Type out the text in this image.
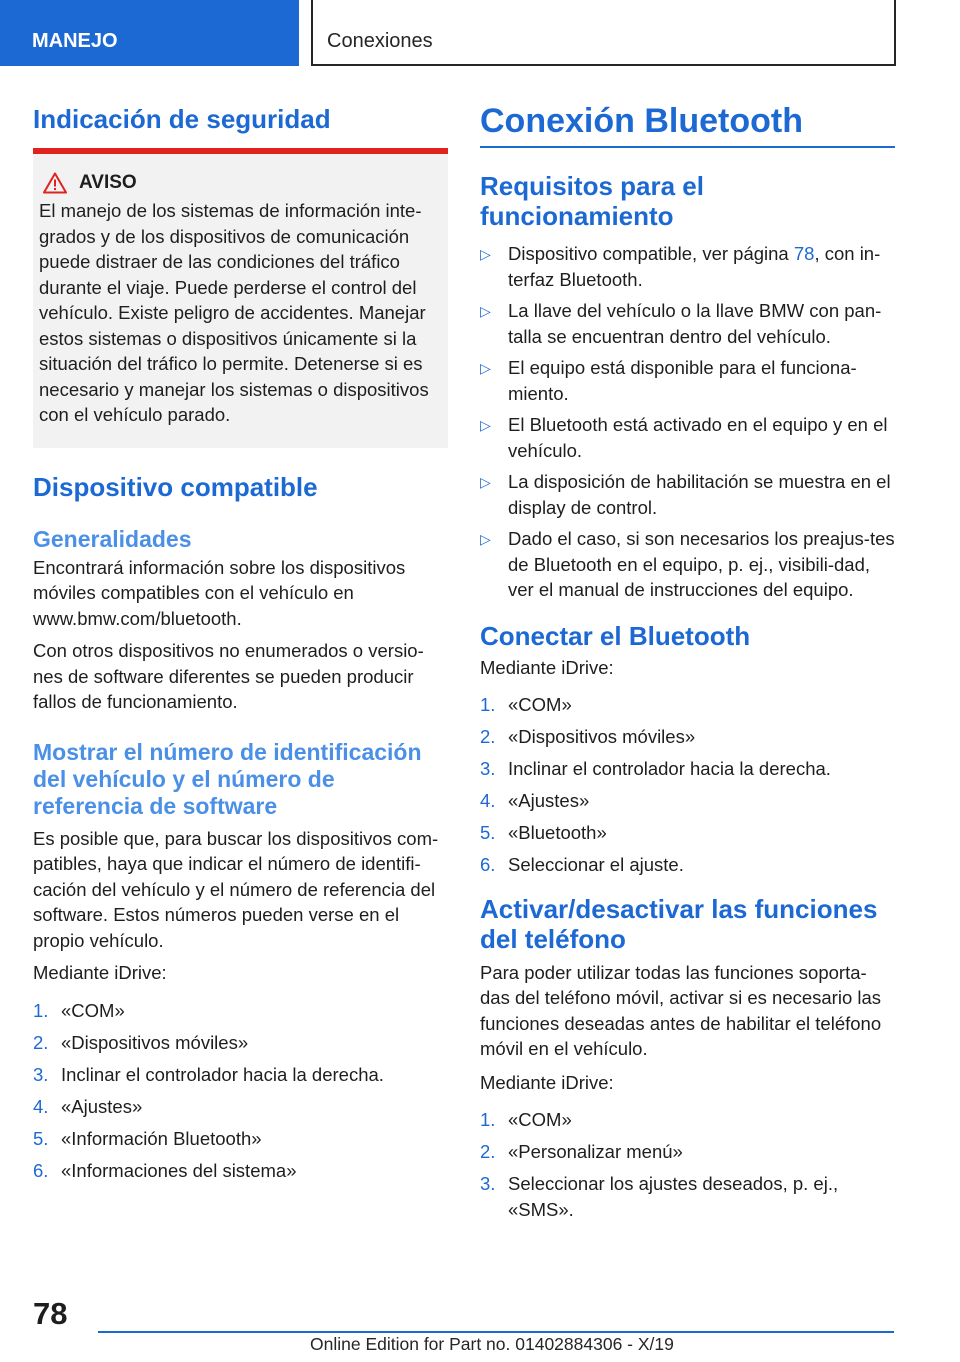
MANEJO	Conexiones
Indicación de seguridad
AVISO

El manejo de los sistemas de información inte-grados y de los dispositivos de comunicación puede distraer de las condiciones del tráfico durante el viaje. Puede perderse el control del vehículo. Existe peligro de accidentes. Manejar estos sistemas o dispositivos únicamente si la situación del tráfico lo permite. Detenerse si es necesario y manejar los sistemas o dispositivos con el vehículo parado.

Dispositivo compatible
Generalidades

Encontrará información sobre los dispositivos móviles compatibles con el vehículo en www.bmw.com/bluetooth.

Con otros dispositivos no enumerados o versio-nes de software diferentes se pueden producir fallos de funcionamiento.

Mostrar el número de identificación del vehículo y el número de referencia de software

Es posible que, para buscar los dispositivos com-patibles, haya que indicar el número de identifi-cación del vehículo y el número de referencia del software. Estos números pueden verse en el propio vehículo.

Mediante iDrive:

1. «COM»
2. «Dispositivos móviles»
3. Inclinar el controlador hacia la derecha.
4. «Ajustes»
5. «Información Bluetooth»
6. «Informaciones del sistema»
Conexión Bluetooth
Requisitos para el funcionamiento
▷ Dispositivo compatible, ver página 78, con in-terfaz Bluetooth.
▷ La llave del vehículo o la llave BMW con pan-talla se encuentran dentro del vehículo.
▷ El equipo está disponible para el funciona-miento.
▷ El Bluetooth está activado en el equipo y en el vehículo.
▷ La disposición de habilitación se muestra en el display de control.
▷ Dado el caso, si son necesarios los preajus-tes de Bluetooth en el equipo, p. ej., visibili-dad, ver el manual de instrucciones del equipo.
Conectar el Bluetooth

Mediante iDrive:

1. «COM»
2. «Dispositivos móviles»
3. Inclinar el controlador hacia la derecha.
4. «Ajustes»
5. «Bluetooth»
6. Seleccionar el ajuste.
Activar/desactivar las funciones del teléfono

Para poder utilizar todas las funciones soporta-das del teléfono móvil, activar si es necesario las funciones deseadas antes de habilitar el teléfono móvil en el vehículo.

Mediante iDrive:

1. «COM»
2. «Personalizar menú»
3. Seleccionar los ajustes deseados, p. ej., «SMS».
78
Online Edition for Part no. 01402884306 - X/19
